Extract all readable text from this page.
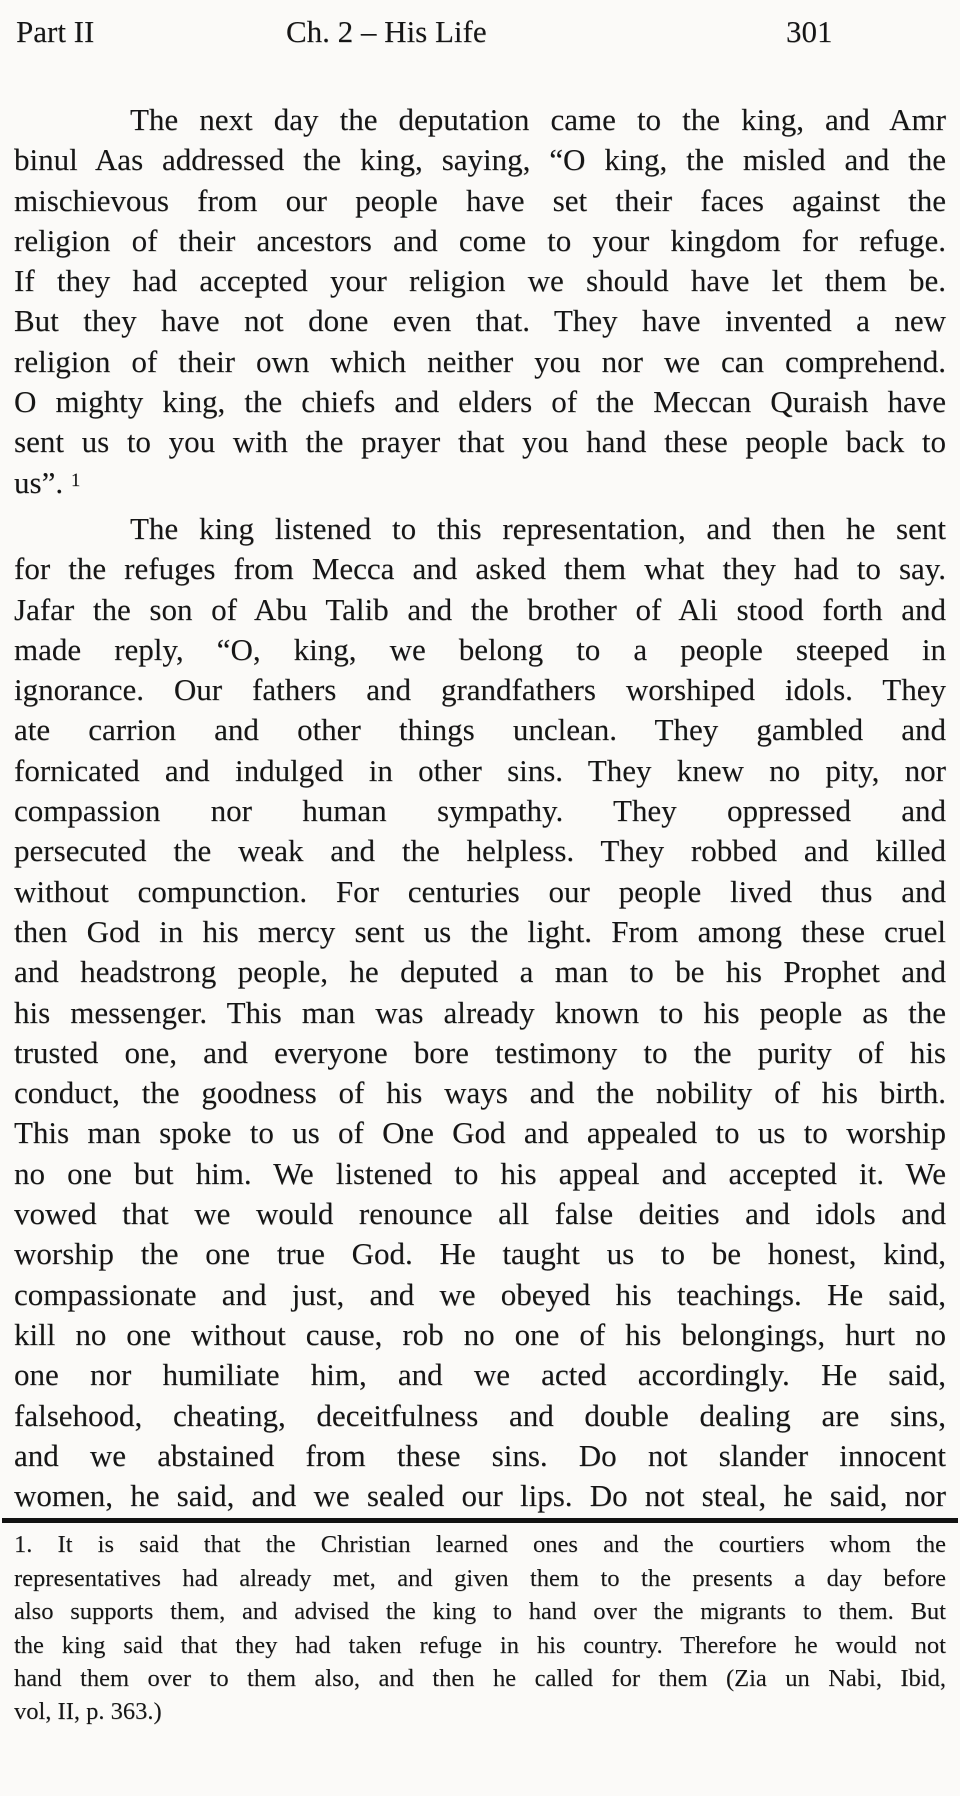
Part II	Ch. 2 – His Life	301
The next day the deputation came to the king, and Amr
binul Aas addressed the king, saying, “O king, the misled and the
mischievous from our people have set their faces against the
religion of their ancestors and come to your kingdom for refuge.
If they had accepted your religion we should have let them be.
But they have not done even that. They have invented a new
religion of their own which neither you nor we can comprehend.
O mighty king, the chiefs and elders of the Meccan Quraish have
sent us to you with the prayer that you hand these people back to
us”. $^1$
The king listened to this representation, and then he sent
for the refuges from Mecca and asked them what they had to say.
Jafar the son of Abu Talib and the brother of Ali stood forth and
made reply, “O, king, we belong to a people steeped in
ignorance. Our fathers and grandfathers worshiped idols. They
ate carrion and other things unclean. They gambled and
fornicated and indulged in other sins. They knew no pity, nor
compassion nor human sympathy. They oppressed and
persecuted the weak and the helpless. They robbed and killed
without compunction. For centuries our people lived thus and
then God in his mercy sent us the light. From among these cruel
and headstrong people, he deputed a man to be his Prophet and
his messenger. This man was already known to his people as the
trusted one, and everyone bore testimony to the purity of his
conduct, the goodness of his ways and the nobility of his birth.
This man spoke to us of One God and appealed to us to worship
no one but him. We listened to his appeal and accepted it. We
vowed that we would renounce all false deities and idols and
worship the one true God. He taught us to be honest, kind,
compassionate and just, and we obeyed his teachings. He said,
kill no one without cause, rob no one of his belongings, hurt no
one nor humiliate him, and we acted accordingly. He said,
falsehood, cheating, deceitfulness and double dealing are sins,
and we abstained from these sins. Do not slander innocent
women, he said, and we sealed our lips. Do not steal, he said, nor
1. It is said that the Christian learned ones and the courtiers whom the
representatives had already met, and given them to the presents a day before
also supports them, and advised the king to hand over the migrants to them. But
the king said that they had taken refuge in his country. Therefore he would not
hand them over to them also, and then he called for them (Zia un Nabi, Ibid,
vol, II, p. 363.)
